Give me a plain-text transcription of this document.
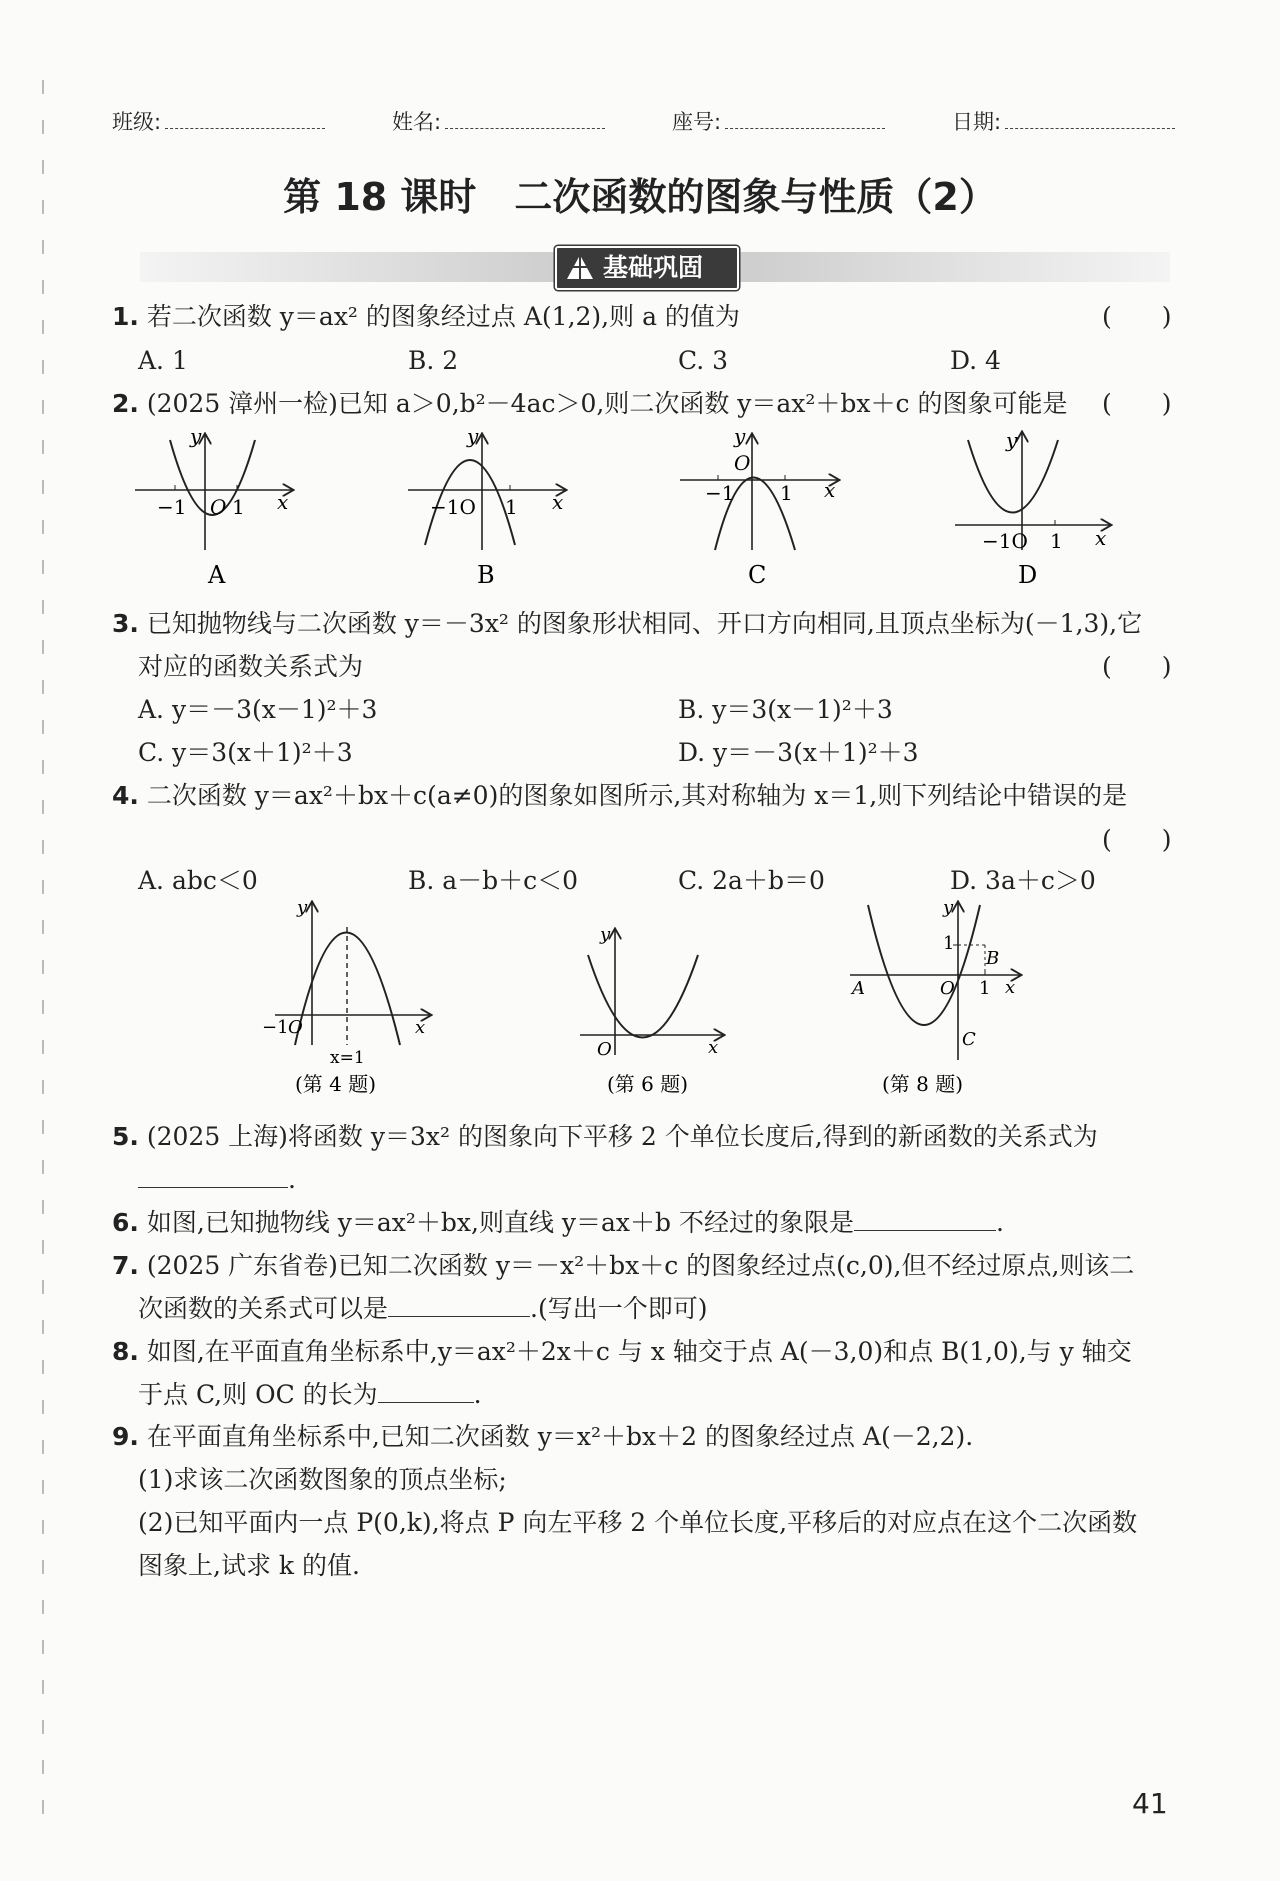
班级:	姓名:	座号:	日期:
第 18 课时　二次函数的图象与性质（2）
基础巩固
1. 若二次函数 y＝ax² 的图象经过点 A(1,2),则 a 的值为	(　　)
A. 1	B. 2	C. 3	D. 4
2. (2025 漳州一检)已知 a＞0,b²－4ac＞0,则二次函数 y＝ax²＋bx＋c 的图象可能是 (　　)
−1 O 1 x
y
A
−1O 1 x
y
B
−1
O
1 x
y
C
−1O 1 x
y
D
3. 已知抛物线与二次函数 y＝－3x² 的图象形状相同、开口方向相同,且顶点坐标为(－1,3),它
对应的函数关系式为	(　　)
A. y＝－3(x－1)²＋3	B. y＝3(x－1)²＋3
C. y＝3(x＋1)²＋3	D. y＝－3(x＋1)²＋3
4. 二次函数 y＝ax²＋bx＋c(a≠0)的图象如图所示,其对称轴为 x＝1,则下列结论中错误的是
(　　)
A. abc＜0	B. a－b＋c＜0	C. 2a＋b＝0	D. 3a＋c＞0
−1 O	x
y
x=1
(第 4 题)
O	x
y
(第 6 题)
A
B
C
O
1
1 x
y
(第 8 题)
5. (2025 上海)将函数 y＝3x² 的图象向下平移 2 个单位长度后,得到的新函数的关系式为
.
6. 如图,已知抛物线 y＝ax²＋bx,则直线 y＝ax＋b 不经过的象限是	.
7. (2025 广东省卷)已知二次函数 y＝－x²＋bx＋c 的图象经过点(c,0),但不经过原点,则该二
次函数的关系式可以是	.(写出一个即可)
8. 如图,在平面直角坐标系中,y＝ax²＋2x＋c 与 x 轴交于点 A(－3,0)和点 B(1,0),与 y 轴交
于点 C,则 OC 的长为	.
9. 在平面直角坐标系中,已知二次函数 y＝x²＋bx＋2 的图象经过点 A(－2,2).
(1)求该二次函数图象的顶点坐标;
(2)已知平面内一点 P(0,k),将点 P 向左平移 2 个单位长度,平移后的对应点在这个二次函数
图象上,试求 k 的值.
41
